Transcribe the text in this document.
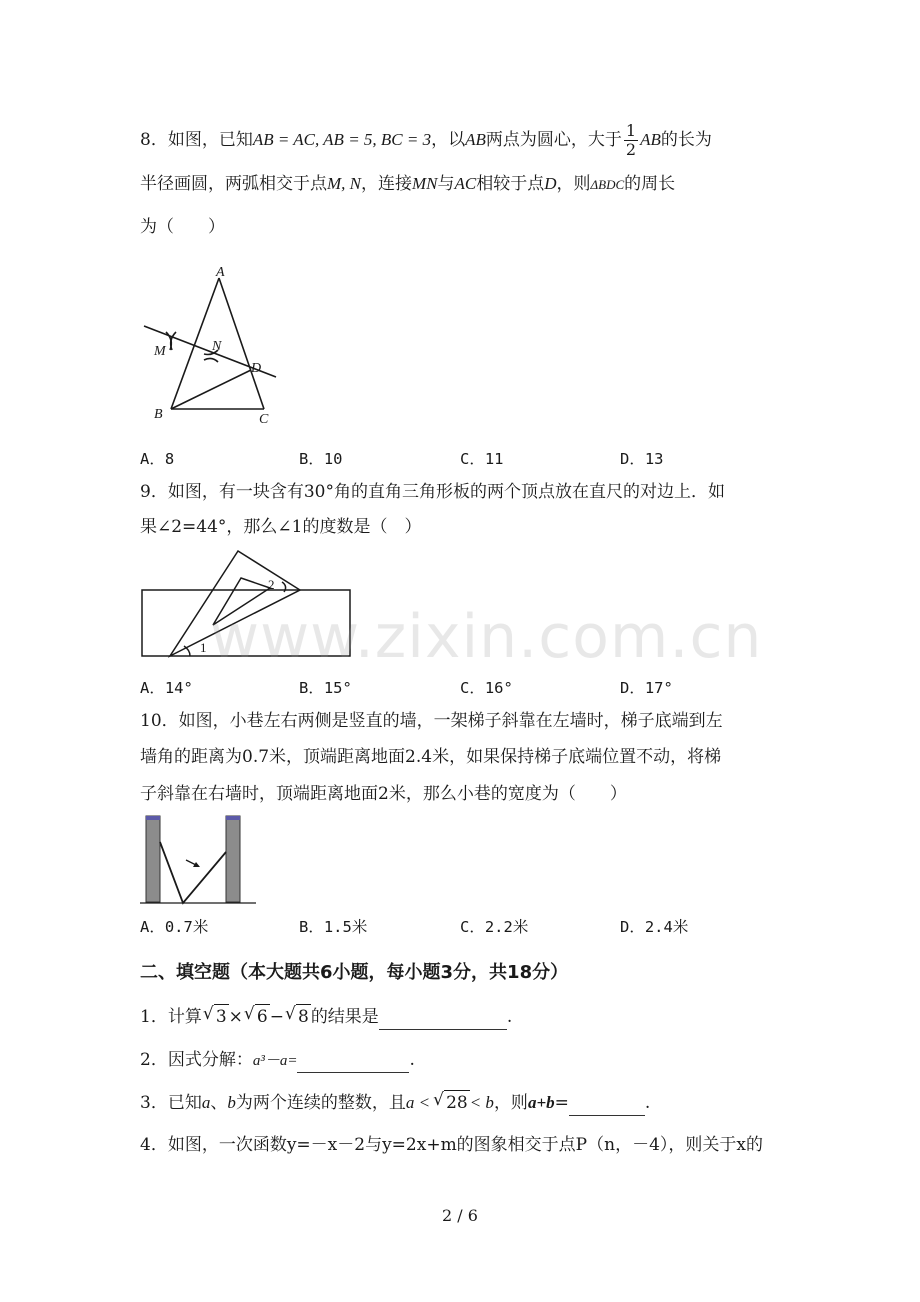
8．如图，已知AB = AC, AB = 5, BC = 3，以AB两点为圆心，大于 $\frac{1}{2}$ AB的长为
半径画圆，两弧相交于点M, N，连接MN与AC相较于点D，则ΔBDC的周长
为（　　）
A
M	N
D
B	C
A．8	B．10	C．11	D．13
9．如图，有一块含有30°角的直角三角形板的两个顶点放在直尺的对边上．如
果∠2=44°，那么∠1的度数是（　）
2
1 www.zixin.com.cn
A．14°	B．15°	C．16°	D．17°
10．如图，小巷左右两侧是竖直的墙，一架梯子斜靠在左墙时，梯子底端到左
墙角的距离为0.7米，顶端距离地面2.4米，如果保持梯子底端位置不动，将梯
子斜靠在右墙时，顶端距离地面2米，那么小巷的宽度为（　　）
A．0.7米	B．1.5米	C．2.2米	D．2.4米
二、填空题（本大题共6小题，每小题3分，共18分）
1．计算 √ 3 × √ 6 − √ 8 的结果是	.
2．因式分解：a³－a=	.
3．已知a、b为两个连续的整数，且a < √ 28 < b，则a+b=	.
4．如图，一次函数y=－x－2与y=2x+m的图象相交于点P（n，－4），则关于x的
2 / 6
